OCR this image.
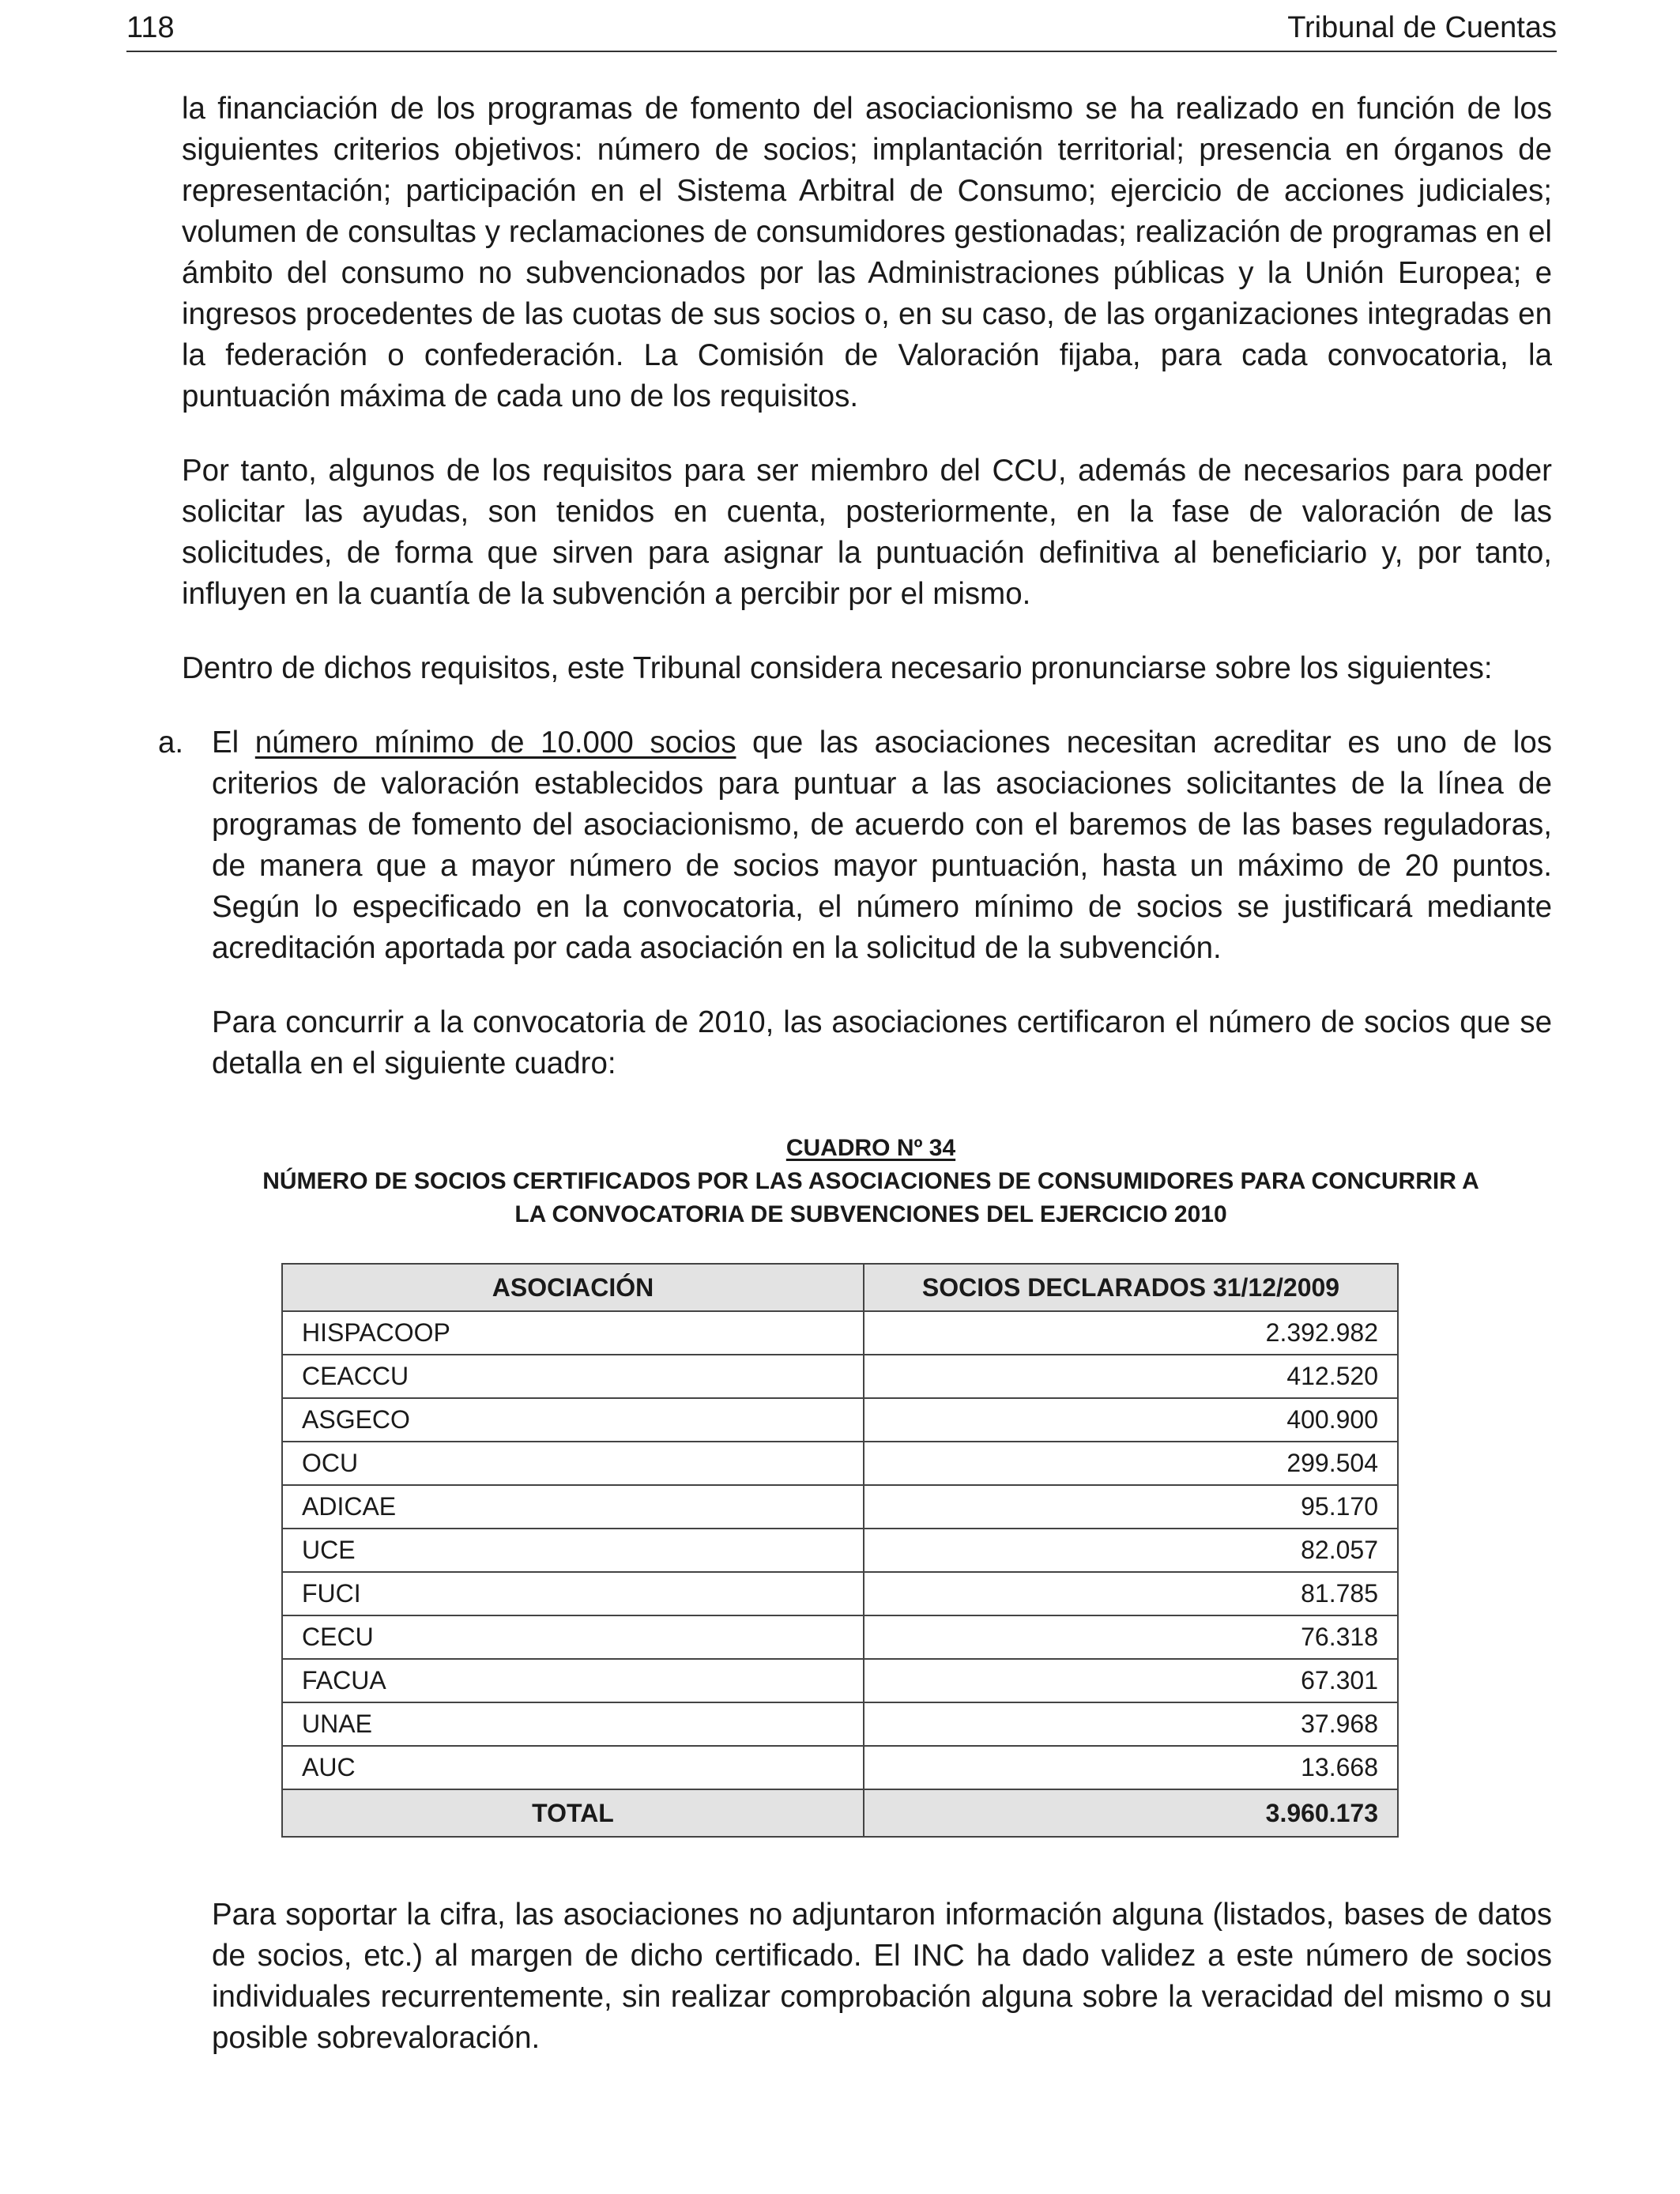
118	Tribunal de Cuentas

la financiación de los programas de fomento del asociacionismo se ha realizado en función de los siguientes criterios objetivos: número de socios; implantación territorial; presencia en órganos de representación; participación en el Sistema Arbitral de Consumo; ejercicio de acciones judiciales; volumen de consultas y reclamaciones de consumidores gestionadas; realización de programas en el ámbito del consumo no subvencionados por las Administraciones públicas y la Unión Europea; e ingresos procedentes de las cuotas de sus socios o, en su caso, de las organizaciones integradas en la federación o confederación. La Comisión de Valoración fijaba, para cada convocatoria, la puntuación máxima de cada uno de los requisitos.

Por tanto, algunos de los requisitos para ser miembro del CCU, además de necesarios para poder solicitar las ayudas, son tenidos en cuenta, posteriormente, en la fase de valoración de las solicitudes, de forma que sirven para asignar la puntuación definitiva al beneficiario y, por tanto, influyen en la cuantía de la subvención a percibir por el mismo.

Dentro de dichos requisitos, este Tribunal considera necesario pronunciarse sobre los siguientes:

a. El número mínimo de 10.000 socios que las asociaciones necesitan acreditar es uno de los criterios de valoración establecidos para puntuar a las asociaciones solicitantes de la línea de programas de fomento del asociacionismo, de acuerdo con el baremos de las bases reguladoras, de manera que a mayor número de socios mayor puntuación, hasta un máximo de 20 puntos. Según lo especificado en la convocatoria, el número mínimo de socios se justificará mediante acreditación aportada por cada asociación en la solicitud de la subvención.

Para concurrir a la convocatoria de 2010, las asociaciones certificaron el número de socios que se detalla en el siguiente cuadro:

CUADRO Nº 34
NÚMERO DE SOCIOS CERTIFICADOS POR LAS ASOCIACIONES DE CONSUMIDORES PARA CONCURRIR A
LA CONVOCATORIA DE SUBVENCIONES DEL EJERCICIO 2010
ASOCIACIÓN	SOCIOS DECLARADOS 31/12/2009
HISPACOOP	2.392.982
CEACCU	412.520
ASGECO	400.900
OCU	299.504
ADICAE	95.170
UCE	82.057
FUCI	81.785
CECU	76.318
FACUA	67.301
UNAE	37.968
AUC	13.668
TOTAL	3.960.173

Para soportar la cifra, las asociaciones no adjuntaron información alguna (listados, bases de datos de socios, etc.) al margen de dicho certificado. El INC ha dado validez a este número de socios individuales recurrentemente, sin realizar comprobación alguna sobre la veracidad del mismo o su posible sobrevaloración.
